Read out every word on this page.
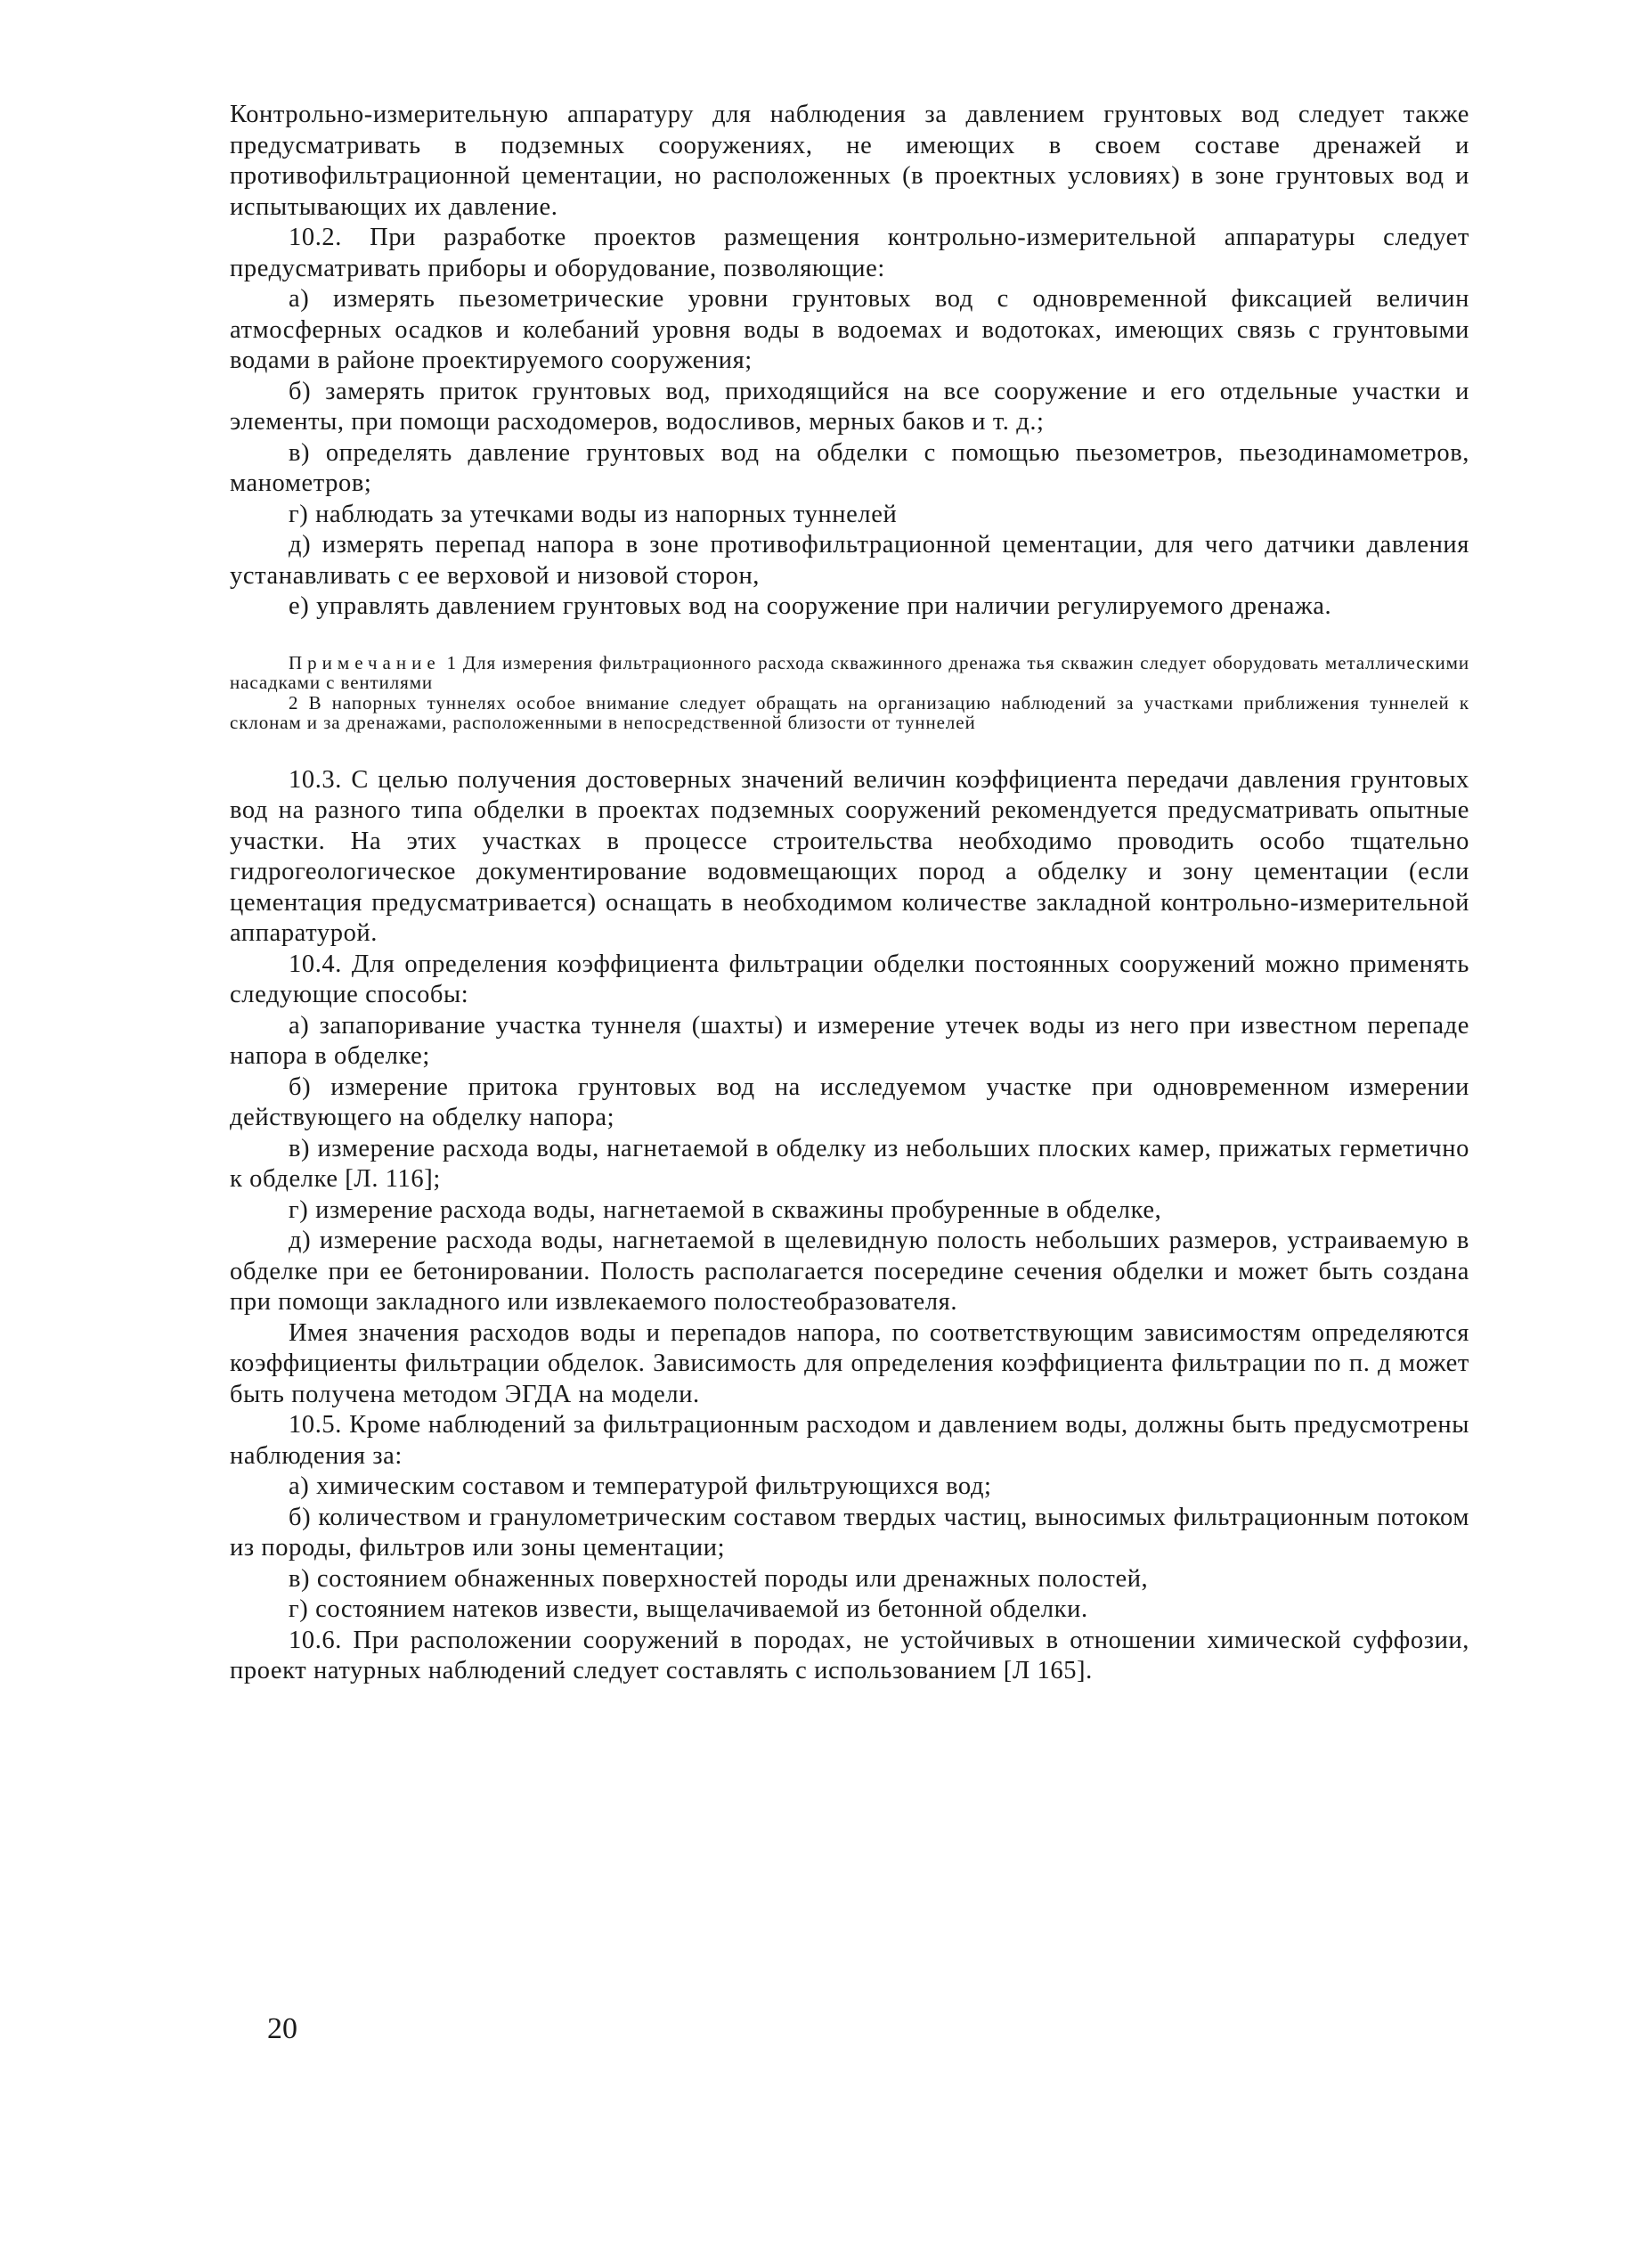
Контрольно-измерительную аппаратуру для наблюдения за давлением грунтовых вод следует также предусматривать в подземных сооружениях, не имеющих в своем составе дренажей и противофильтрационной цементации, но расположенных (в проектных условиях) в зоне грунтовых вод и испытывающих их давление.

10.2. При разработке проектов размещения контрольно-измерительной аппаратуры следует предусматривать приборы и оборудование, позволяющие:

а) измерять пьезометрические уровни грунтовых вод с одновременной фиксацией величин атмосферных осадков и колебаний уровня воды в водоемах и водотоках, имеющих связь с грунтовыми водами в районе проектируемого сооружения;

б) замерять приток грунтовых вод, приходящийся на все сооружение и его отдельные участки и элементы, при помощи расходомеров, водосливов, мерных баков и т. д.;

в) определять давление грунтовых вод на обделки с помощью пьезометров, пьезодинамометров, манометров;

г) наблюдать за утечками воды из напорных туннелей

д) измерять перепад напора в зоне противофильтрационной цементации, для чего датчики давления устанавливать с ее верховой и низовой сторон,

е) управлять давлением грунтовых вод на сооружение при наличии регулируемого дренажа.

Примечание 1 Для измерения фильтрационного расхода скважинного дренажа тья скважин следует оборудовать металлическими насадками с вентилями

2 В напорных туннелях особое внимание следует обращать на организацию наблюдений за участками приближения туннелей к склонам и за дренажами, расположенными в непосредственной близости от туннелей

10.3. С целью получения достоверных значений величин коэффициента передачи давления грунтовых вод на разного типа обделки в проектах подземных сооружений рекомендуется предусматривать опытные участки. На этих участках в процессе строительства необходимо проводить особо тщательно гидрогеологическое документирование водовмещающих пород а обделку и зону цементации (если цементация предусматривается) оснащать в необходимом количестве закладной контрольно-измерительной аппаратурой.

10.4. Для определения коэффициента фильтрации обделки постоянных сооружений можно применять следующие способы:

а) запапоривание участка туннеля (шахты) и измерение утечек воды из него при известном перепаде напора в обделке;

б) измерение притока грунтовых вод на исследуемом участке при одновременном измерении действующего на обделку напора;

в) измерение расхода воды, нагнетаемой в обделку из небольших плоских камер, прижатых герметично к обделке [Л. 116];

г) измерение расхода воды, нагнетаемой в скважины пробуренные в обделке,

д) измерение расхода воды, нагнетаемой в щелевидную полость небольших размеров, устраиваемую в обделке при ее бетонировании. Полость располагается посередине сечения обделки и может быть создана при помощи закладного или извлекаемого полостеобразователя.

Имея значения расходов воды и перепадов напора, по соответствующим зависимостям определяются коэффициенты фильтрации обделок. Зависимость для определения коэффициента фильтрации по п. д может быть получена методом ЭГДА на модели.

10.5. Кроме наблюдений за фильтрационным расходом и давлением воды, должны быть предусмотрены наблюдения за:

а) химическим составом и температурой фильтрующихся вод;

б) количеством и гранулометрическим составом твердых частиц, выносимых фильтрационным потоком из породы, фильтров или зоны цементации;

в) состоянием обнаженных поверхностей породы или дренажных полостей,

г) состоянием натеков извести, выщелачиваемой из бетонной обделки.

10.6. При расположении сооружений в породах, не устойчивых в отношении химической суффозии, проект натурных наблюдений следует составлять с использованием [Л 165].

20
